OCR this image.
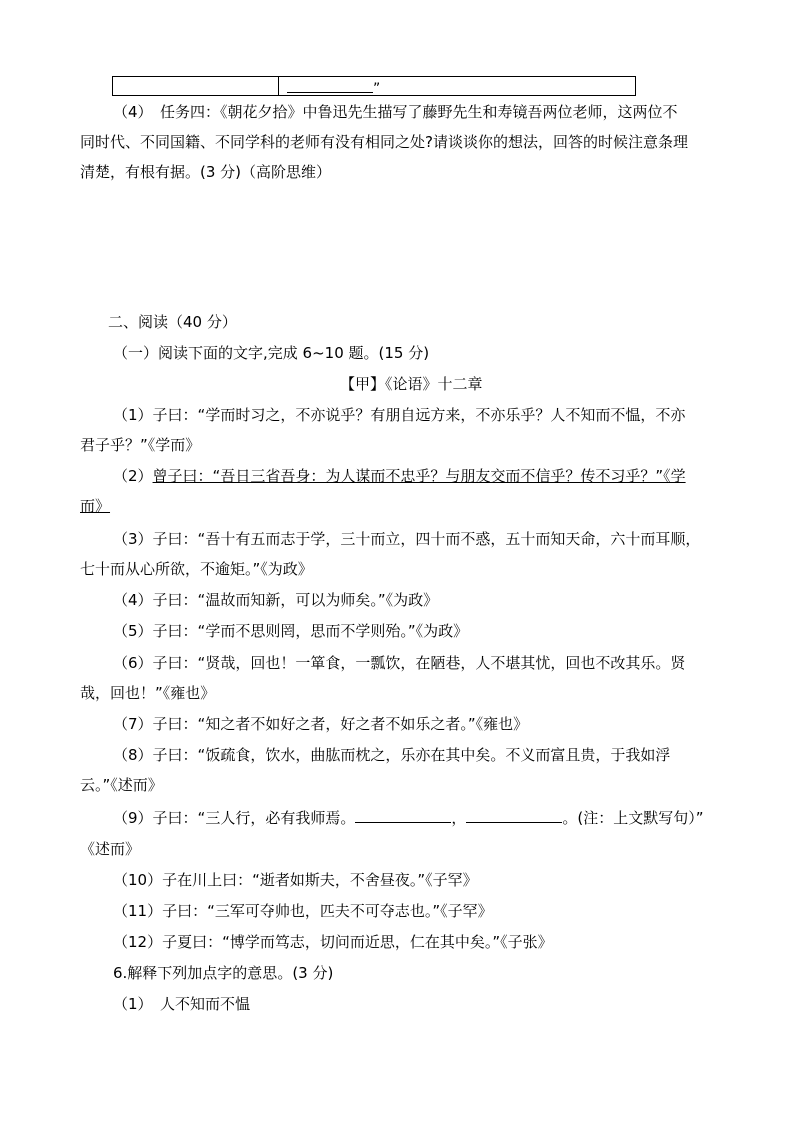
”
（4）　任务四：《朝花夕拾》中鲁迅先生描写了藤野先生和寿镜吾两位老师，这两位不
同时代、不同国籍、不同学科的老师有没有相同之处?请谈谈你的想法，回答的时候注意条理
清楚，有根有据。(3 分)（高阶思维）
二、阅读（40 分）
（一）阅读下面的文字,完成 6~10 题。(15 分)
【甲】《论语》十二章
（1）子曰：“学而时习之，不亦说乎？有朋自远方来，不亦乐乎？人不知而不愠，不亦
君子乎？”《学而》
（2）曾子曰：“吾日三省吾身：为人谋而不忠乎？与朋友交而不信乎？传不习乎？”《学
而》
（3）子曰：“吾十有五而志于学，三十而立，四十而不惑，五十而知天命，六十而耳顺，
七十而从心所欲，不逾矩。”《为政》
（4）子曰：“温故而知新，可以为师矣。”《为政》
（5）子曰：“学而不思则罔，思而不学则殆。”《为政》
（6）子曰：“贤哉，回也！一箪食，一瓢饮，在陋巷，人不堪其忧，回也不改其乐。贤
哉，回也！”《雍也》
（7）子曰：“知之者不如好之者，好之者不如乐之者。”《雍也》
（8）子曰：“饭疏食，饮水，曲肱而枕之，乐亦在其中矣。不义而富且贵，于我如浮
云。”《述而》
（9）子曰：“三人行，必有我师焉。	，	。(注：上文默写句）”
《述而》
（10）子在川上曰：“逝者如斯夫，不舍昼夜。”《子罕》
（11）子曰：“三军可夺帅也，匹夫不可夺志也。”《子罕》
（12）子夏曰：“博学而笃志，切问而近思，仁在其中矣。”《子张》
6.解释下列加点字的意思。(3 分)
（1）　人不知而不愠
